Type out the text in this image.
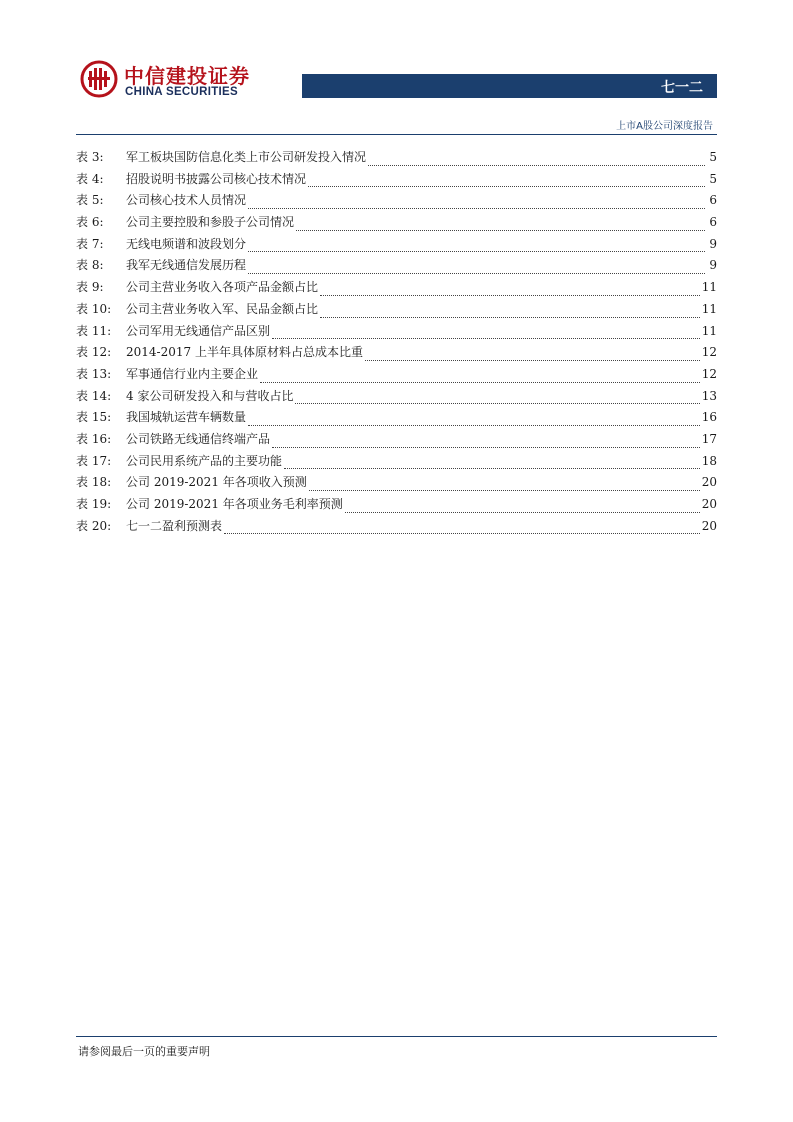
中信建投证券
CHINA SECURITIES	七一二
上市A股公司深度报告
表 3:	军工板块国防信息化类上市公司研发投入情况	5
表 4:	招股说明书披露公司核心技术情况	5
表 5:	公司核心技术人员情况	6
表 6:	公司主要控股和参股子公司情况	6
表 7:	无线电频谱和波段划分	9
表 8:	我军无线通信发展历程	9
表 9:	公司主营业务收入各项产品金额占比	11
表 10:	公司主营业务收入军、民品金额占比	11
表 11:	公司军用无线通信产品区别	11
表 12:	2014-2017 上半年具体原材料占总成本比重	12
表 13:	军事通信行业内主要企业	12
表 14:	4 家公司研发投入和与营收占比	13
表 15:	我国城轨运营车辆数量	16
表 16:	公司铁路无线通信终端产品	17
表 17:	公司民用系统产品的主要功能	18
表 18:	公司 2019-2021 年各项收入预测	20
表 19:	公司 2019-2021 年各项业务毛利率预测	20
表 20:	七一二盈利预测表	20
请参阅最后一页的重要声明
